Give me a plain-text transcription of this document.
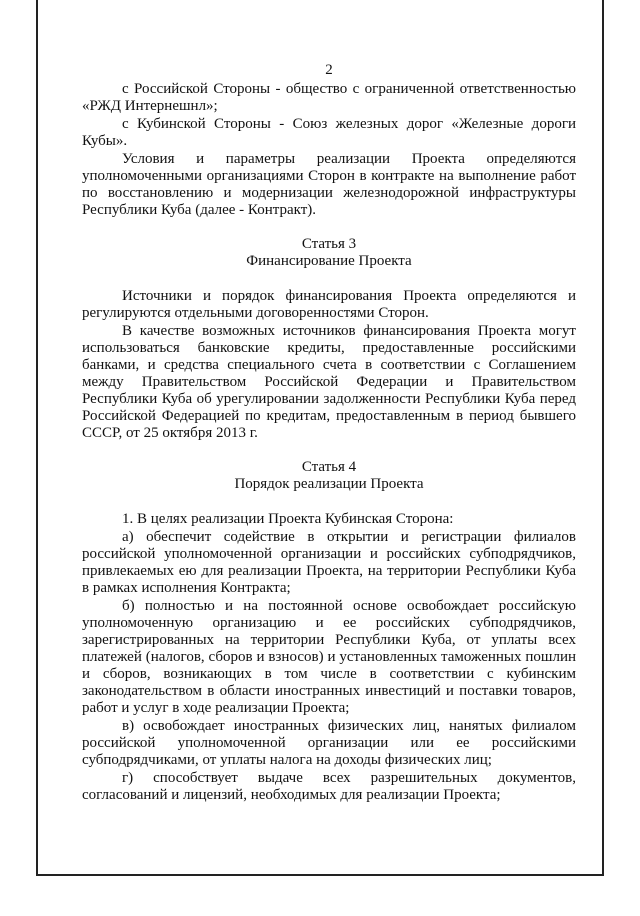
2

с Российской Стороны - общество с ограниченной ответственностью «РЖД Интернешнл»;

с Кубинской Стороны - Союз железных дорог «Железные дороги Кубы».

Условия и параметры реализации Проекта определяются уполномоченными организациями Сторон в контракте на выполнение работ по восстановлению и модернизации железнодорожной инфраструктуры Республики Куба (далее - Контракт).

Статья 3
Финансирование Проекта

Источники и порядок финансирования Проекта определяются и регулируются отдельными договоренностями Сторон.

В качестве возможных источников финансирования Проекта могут использоваться банковские кредиты, предоставленные российскими банками, и средства специального счета в соответствии с Соглашением между Правительством Российской Федерации и Правительством Республики Куба об урегулировании задолженности Республики Куба перед Российской Федерацией по кредитам, предоставленным в период бывшего СССР, от 25 октября 2013 г.

Статья 4
Порядок реализации Проекта

1. В целях реализации Проекта Кубинская Сторона:

а) обеспечит содействие в открытии и регистрации филиалов российской уполномоченной организации и российских субподрядчиков, привлекаемых ею для реализации Проекта, на территории Республики Куба в рамках исполнения Контракта;

б) полностью и на постоянной основе освобождает российскую уполномоченную организацию и ее российских субподрядчиков, зарегистрированных на территории Республики Куба, от уплаты всех платежей (налогов, сборов и взносов) и установленных таможенных пошлин и сборов, возникающих в том числе в соответствии с кубинским законодательством в области иностранных инвестиций и поставки товаров, работ и услуг в ходе реализации Проекта;

в) освобождает иностранных физических лиц, нанятых филиалом российской уполномоченной организации или ее российскими субподрядчиками, от уплаты налога на доходы физических лиц;

г) способствует выдаче всех разрешительных документов, согласований и лицензий, необходимых для реализации Проекта;
